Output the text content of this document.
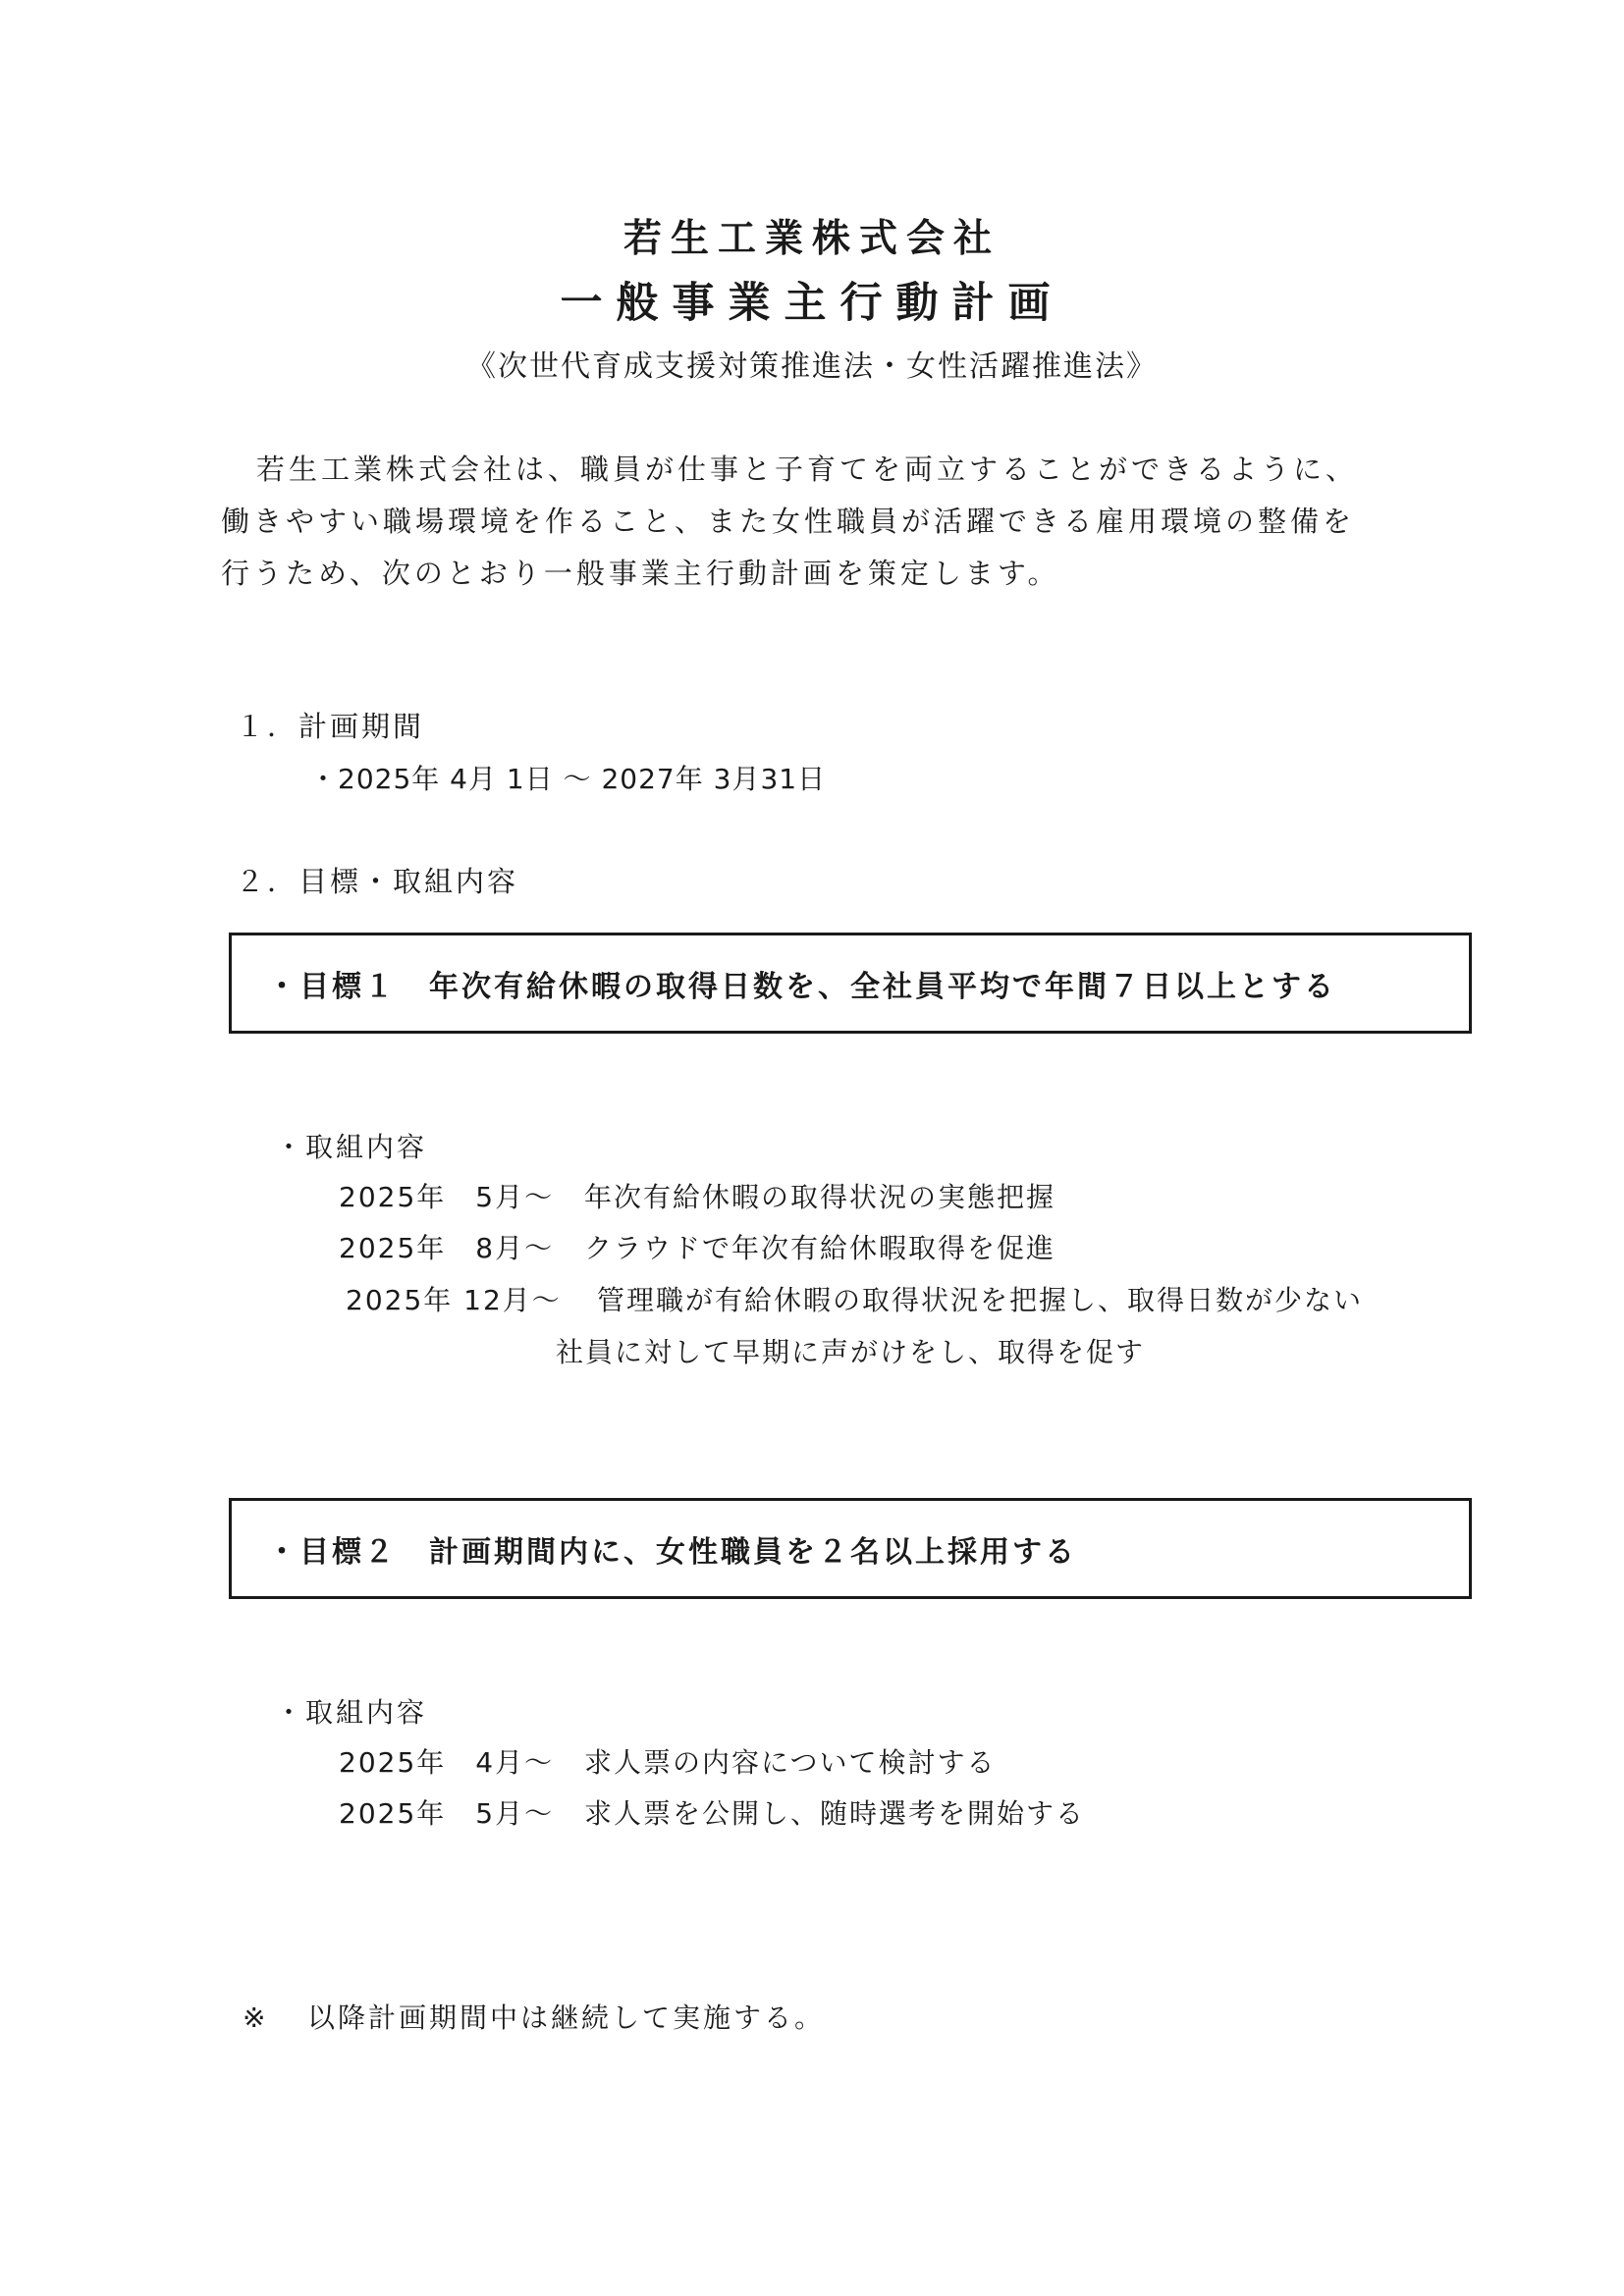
若生工業株式会社
一般事業主行動計画
《次世代育成支援対策推進法・女性活躍推進法》
若生工業株式会社は、職員が仕事と子育てを両立することができるように、
働きやすい職場環境を作ること、また女性職員が活躍できる雇用環境の整備を
行うため、次のとおり一般事業主行動計画を策定します。
１．計画期間
・2025年 4月 1日 ～ 2027年 3月31日
２．目標・取組内容
・目標１　年次有給休暇の取得日数を、全社員平均で年間７日以上とする
・取組内容
2025年　5月～ 年次有給休暇の取得状況の実態把握
2025年　8月～ クラウドで年次有給休暇取得を促進
2025年 12月～ 管理職が有給休暇の取得状況を把握し、取得日数が少ない
社員に対して早期に声がけをし、取得を促す
・目標２　計画期間内に、女性職員を２名以上採用する
・取組内容
2025年　4月～ 求人票の内容について検討する
2025年　5月～ 求人票を公開し、随時選考を開始する
※ 以降計画期間中は継続して実施する。
